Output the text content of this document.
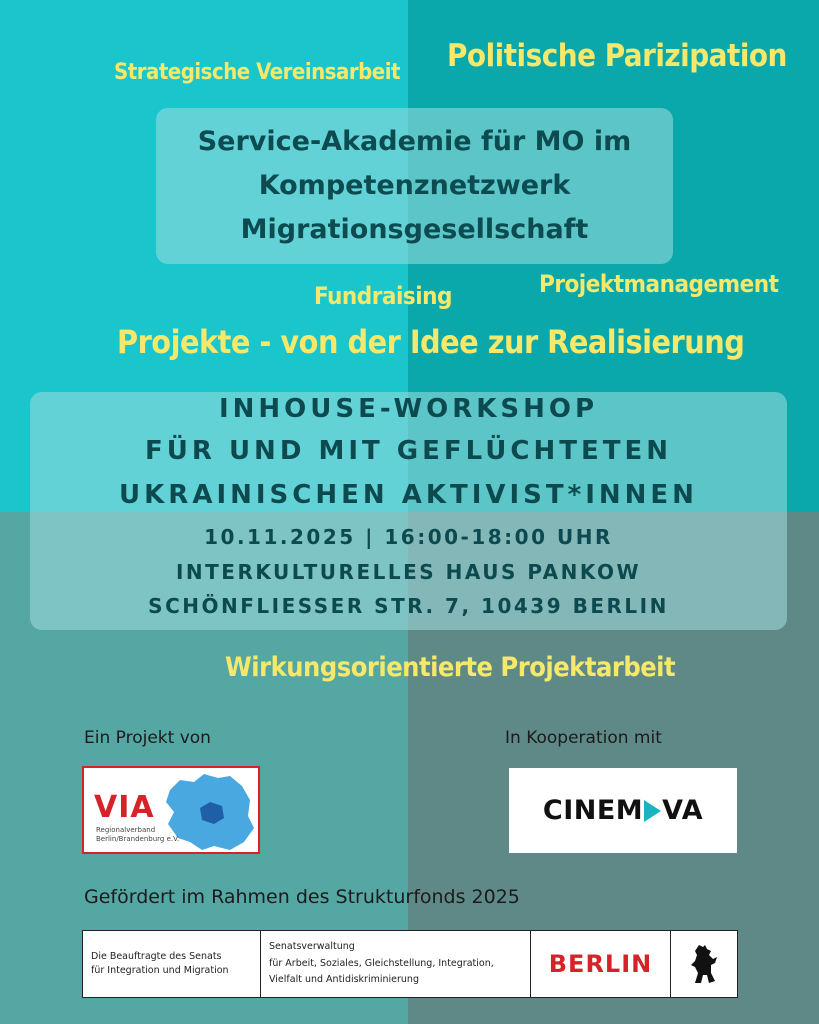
Strategische Vereinsarbeit Politische Parizipation
Service-Akademie für MO im
Kompetenznetzwerk
Migrationsgesellschaft
Projektmanagement
Fundraising
Projekte - von der Idee zur Realisierung
INHOUSE-WORKSHOP
FÜR UND MIT GEFLÜCHTETEN
UKRAINISCHEN AKTIVIST*INNEN
10.11.2025 | 16:00-18:00 UHR
INTERKULTURELLES HAUS PANKOW
SCHÖNFLIESSER STR. 7, 10439 BERLIN
Wirkungsorientierte Projektarbeit
Ein Projekt von	In Kooperation mit
VIA
Regionalverband
Berlin/Brandenburg e.V.
CINEM VA
Gefördert im Rahmen des Strukturfonds 2025
Die Beauftragte des Senats
für Integration und Migration
Senatsverwaltung
für Arbeit, Soziales, Gleichstellung, Integration,
Vielfalt und Antidiskriminierung
BERLIN
